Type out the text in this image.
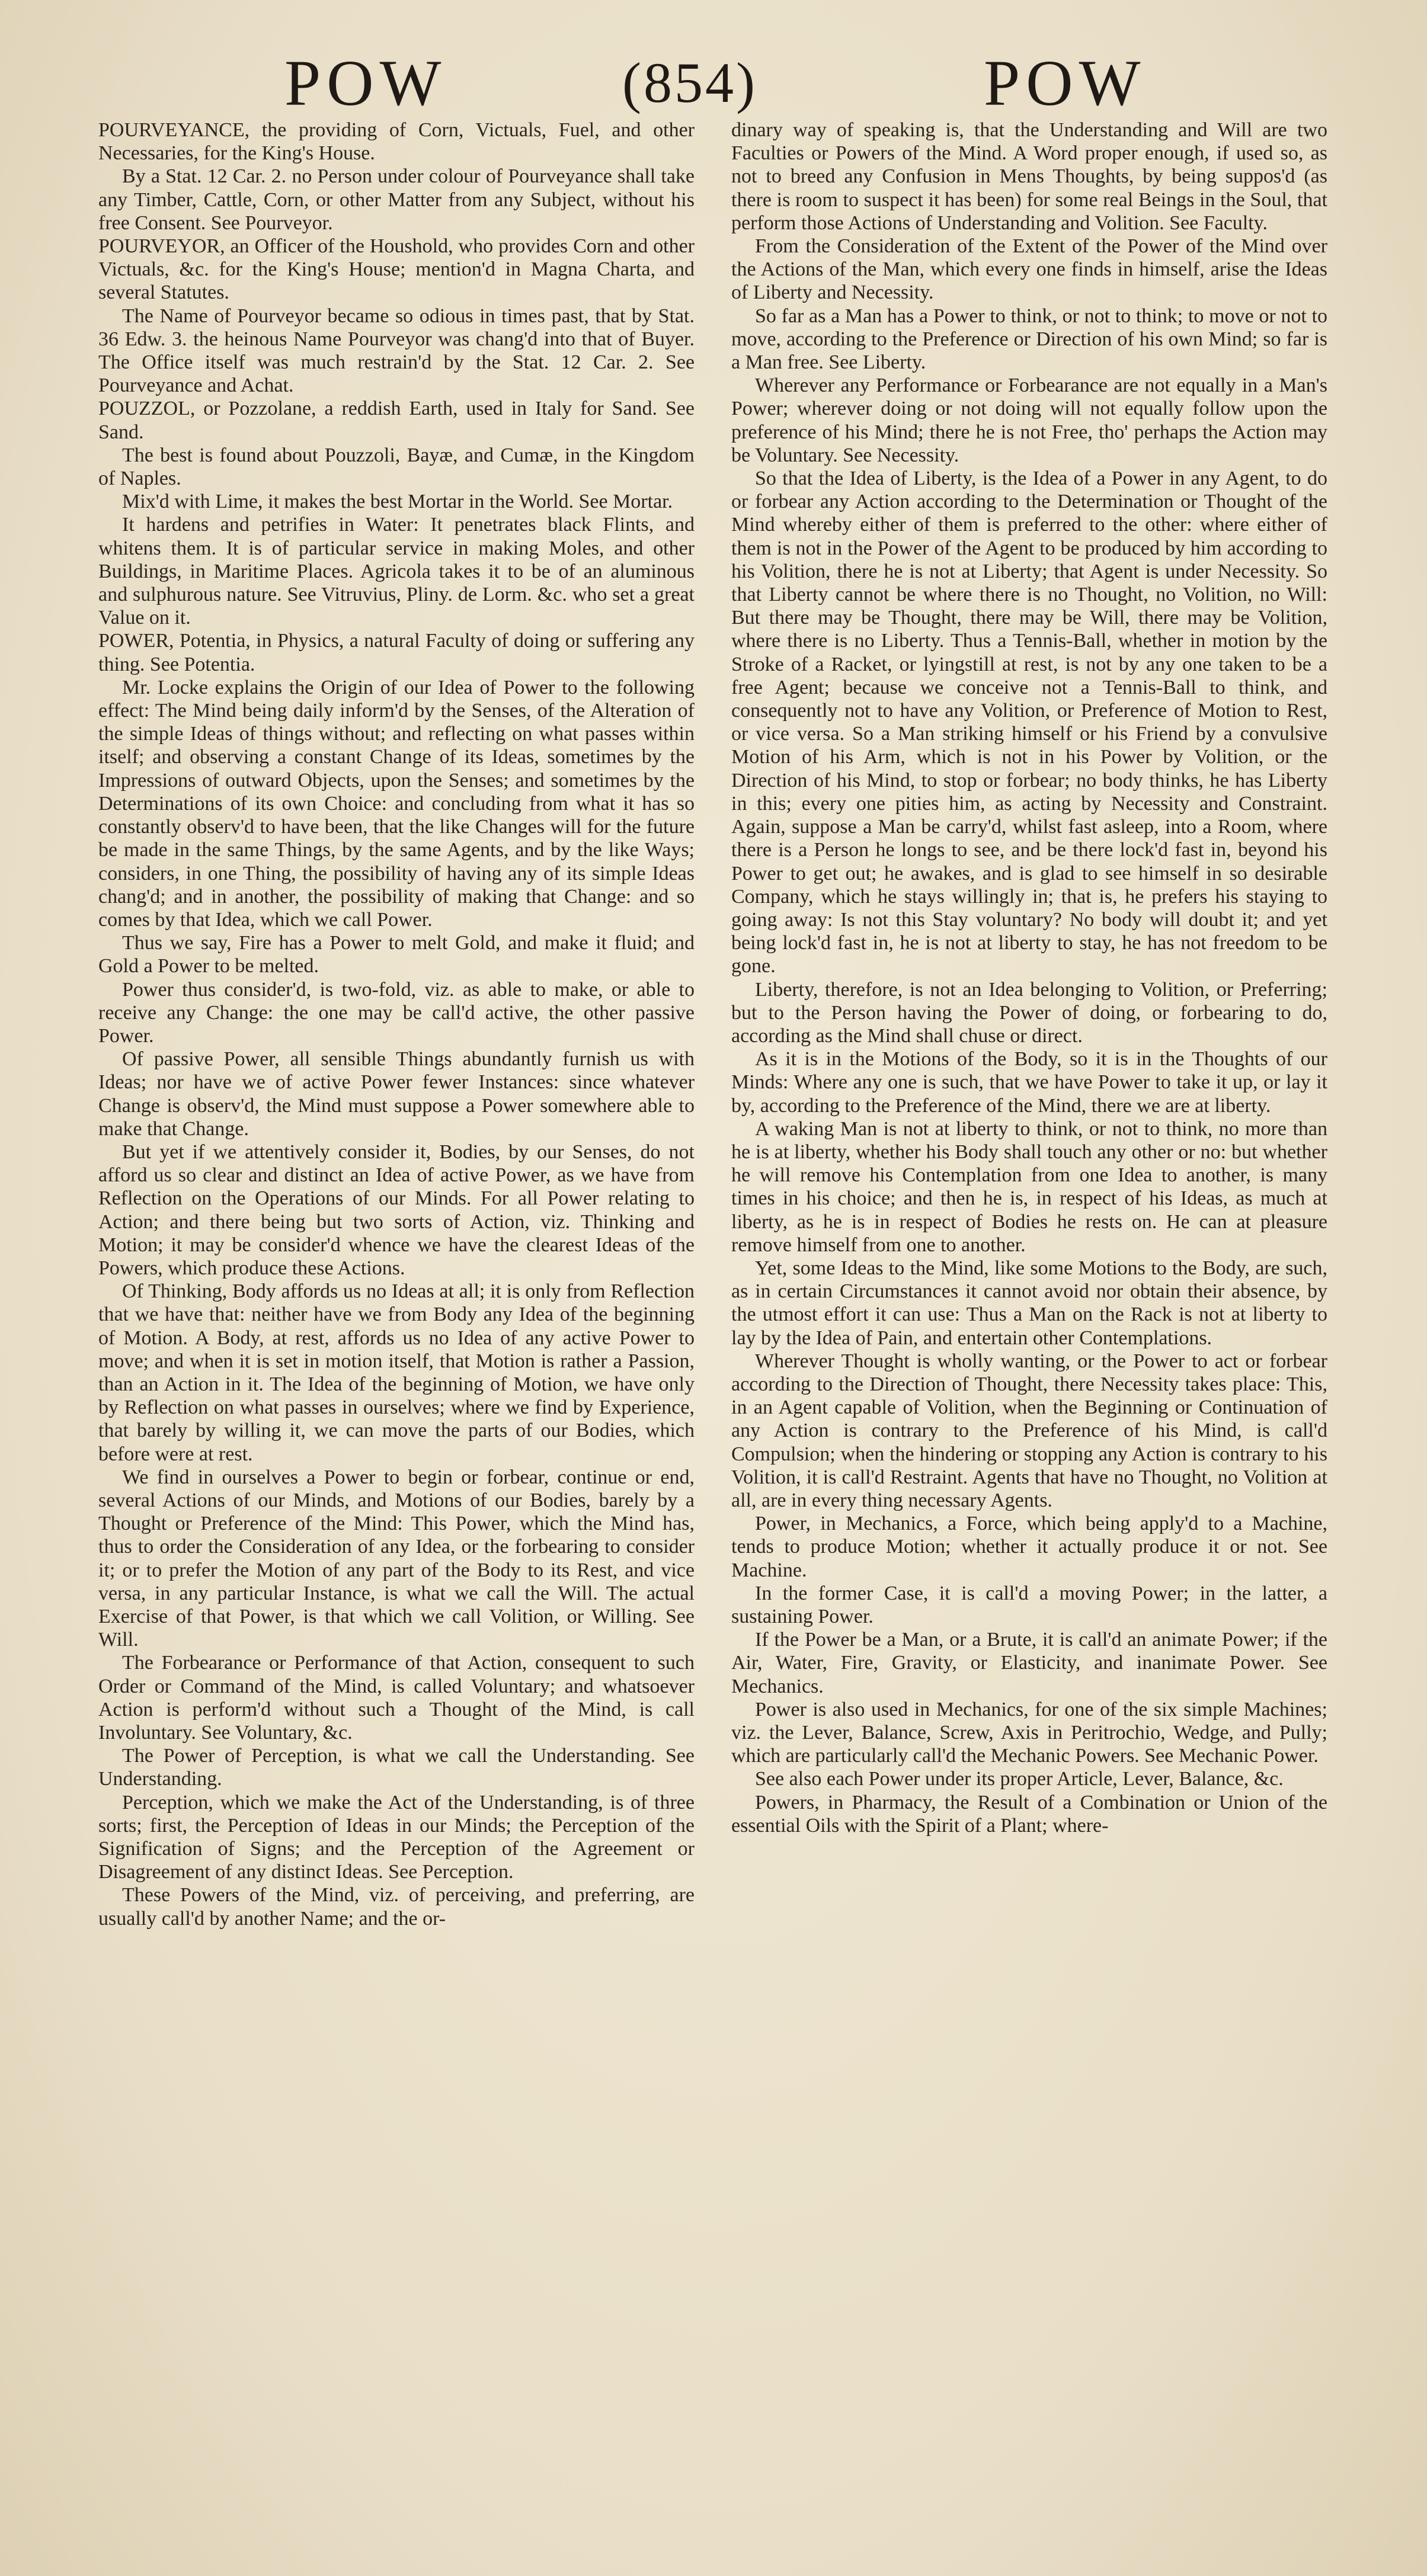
POW	(854)	POW

POURVEYANCE, the providing of Corn, Victuals, Fuel, and other Necessaries, for the King's House.

By a Stat. 12 Car. 2. no Person under colour of Pourveyance shall take any Timber, Cattle, Corn, or other Matter from any Subject, without his free Consent. See Pourveyor.

POURVEYOR, an Officer of the Houshold, who provides Corn and other Victuals, &c. for the King's House; mention'd in Magna Charta, and several Statutes.

The Name of Pourveyor became so odious in times past, that by Stat. 36 Edw. 3. the heinous Name Pourveyor was chang'd into that of Buyer. The Office itself was much restrain'd by the Stat. 12 Car. 2. See Pourveyance and Achat.

POUZZOL, or Pozzolane, a reddish Earth, used in Italy for Sand. See Sand.

The best is found about Pouzzoli, Bayæ, and Cumæ, in the Kingdom of Naples.

Mix'd with Lime, it makes the best Mortar in the World. See Mortar.

It hardens and petrifies in Water: It penetrates black Flints, and whitens them. It is of particular service in making Moles, and other Buildings, in Maritime Places. Agricola takes it to be of an aluminous and sulphurous nature. See Vitruvius, Pliny. de Lorm. &c. who set a great Value on it.

POWER, Potentia, in Physics, a natural Faculty of doing or suffering any thing. See Potentia.

Mr. Locke explains the Origin of our Idea of Power to the following effect: The Mind being daily inform'd by the Senses, of the Alteration of the simple Ideas of things without; and reflecting on what passes within itself; and observing a constant Change of its Ideas, sometimes by the Impressions of outward Objects, upon the Senses; and sometimes by the Determinations of its own Choice: and concluding from what it has so constantly observ'd to have been, that the like Changes will for the future be made in the same Things, by the same Agents, and by the like Ways; considers, in one Thing, the possibility of having any of its simple Ideas chang'd; and in another, the possibility of making that Change: and so comes by that Idea, which we call Power.

Thus we say, Fire has a Power to melt Gold, and make it fluid; and Gold a Power to be melted.

Power thus consider'd, is two-fold, viz. as able to make, or able to receive any Change: the one may be call'd active, the other passive Power.

Of passive Power, all sensible Things abundantly furnish us with Ideas; nor have we of active Power fewer Instances: since whatever Change is observ'd, the Mind must suppose a Power somewhere able to make that Change.

But yet if we attentively consider it, Bodies, by our Senses, do not afford us so clear and distinct an Idea of active Power, as we have from Reflection on the Operations of our Minds. For all Power relating to Action; and there being but two sorts of Action, viz. Thinking and Motion; it may be consider'd whence we have the clearest Ideas of the Powers, which produce these Actions.

Of Thinking, Body affords us no Ideas at all; it is only from Reflection that we have that: neither have we from Body any Idea of the beginning of Motion. A Body, at rest, affords us no Idea of any active Power to move; and when it is set in motion itself, that Motion is rather a Passion, than an Action in it. The Idea of the beginning of Motion, we have only by Reflection on what passes in ourselves; where we find by Experience, that barely by willing it, we can move the parts of our Bodies, which before were at rest.

We find in ourselves a Power to begin or forbear, continue or end, several Actions of our Minds, and Motions of our Bodies, barely by a Thought or Preference of the Mind: This Power, which the Mind has, thus to order the Consideration of any Idea, or the forbearing to consider it; or to prefer the Motion of any part of the Body to its Rest, and vice versa, in any particular Instance, is what we call the Will. The actual Exercise of that Power, is that which we call Volition, or Willing. See Will.

The Forbearance or Performance of that Action, consequent to such Order or Command of the Mind, is called Voluntary; and whatsoever Action is perform'd without such a Thought of the Mind, is call Involuntary. See Voluntary, &c.

The Power of Perception, is what we call the Understanding. See Understanding.

Perception, which we make the Act of the Understanding, is of three sorts; first, the Perception of Ideas in our Minds; the Perception of the Signification of Signs; and the Perception of the Agreement or Disagreement of any distinct Ideas. See Perception.

These Powers of the Mind, viz. of perceiving, and preferring, are usually call'd by another Name; and the or-

dinary way of speaking is, that the Understanding and Will are two Faculties or Powers of the Mind. A Word proper enough, if used so, as not to breed any Confusion in Mens Thoughts, by being suppos'd (as there is room to suspect it has been) for some real Beings in the Soul, that perform those Actions of Understanding and Volition. See Faculty.

From the Consideration of the Extent of the Power of the Mind over the Actions of the Man, which every one finds in himself, arise the Ideas of Liberty and Necessity.

So far as a Man has a Power to think, or not to think; to move or not to move, according to the Preference or Direction of his own Mind; so far is a Man free. See Liberty.

Wherever any Performance or Forbearance are not equally in a Man's Power; wherever doing or not doing will not equally follow upon the preference of his Mind; there he is not Free, tho' perhaps the Action may be Voluntary. See Necessity.

So that the Idea of Liberty, is the Idea of a Power in any Agent, to do or forbear any Action according to the Determination or Thought of the Mind whereby either of them is preferred to the other: where either of them is not in the Power of the Agent to be produced by him according to his Volition, there he is not at Liberty; that Agent is under Necessity. So that Liberty cannot be where there is no Thought, no Volition, no Will: But there may be Thought, there may be Will, there may be Volition, where there is no Liberty. Thus a Tennis-Ball, whether in motion by the Stroke of a Racket, or lyingstill at rest, is not by any one taken to be a free Agent; because we conceive not a Tennis-Ball to think, and consequently not to have any Volition, or Preference of Motion to Rest, or vice versa. So a Man striking himself or his Friend by a convulsive Motion of his Arm, which is not in his Power by Volition, or the Direction of his Mind, to stop or forbear; no body thinks, he has Liberty in this; every one pities him, as acting by Necessity and Constraint. Again, suppose a Man be carry'd, whilst fast asleep, into a Room, where there is a Person he longs to see, and be there lock'd fast in, beyond his Power to get out; he awakes, and is glad to see himself in so desirable Company, which he stays willingly in; that is, he prefers his staying to going away: Is not this Stay voluntary? No body will doubt it; and yet being lock'd fast in, he is not at liberty to stay, he has not freedom to be gone.

Liberty, therefore, is not an Idea belonging to Volition, or Preferring; but to the Person having the Power of doing, or forbearing to do, according as the Mind shall chuse or direct.

As it is in the Motions of the Body, so it is in the Thoughts of our Minds: Where any one is such, that we have Power to take it up, or lay it by, according to the Preference of the Mind, there we are at liberty.

A waking Man is not at liberty to think, or not to think, no more than he is at liberty, whether his Body shall touch any other or no: but whether he will remove his Contemplation from one Idea to another, is many times in his choice; and then he is, in respect of his Ideas, as much at liberty, as he is in respect of Bodies he rests on. He can at pleasure remove himself from one to another.

Yet, some Ideas to the Mind, like some Motions to the Body, are such, as in certain Circumstances it cannot avoid nor obtain their absence, by the utmost effort it can use: Thus a Man on the Rack is not at liberty to lay by the Idea of Pain, and entertain other Contemplations.

Wherever Thought is wholly wanting, or the Power to act or forbear according to the Direction of Thought, there Necessity takes place: This, in an Agent capable of Volition, when the Beginning or Continuation of any Action is contrary to the Preference of his Mind, is call'd Compulsion; when the hindering or stopping any Action is contrary to his Volition, it is call'd Restraint. Agents that have no Thought, no Volition at all, are in every thing necessary Agents.

Power, in Mechanics, a Force, which being apply'd to a Machine, tends to produce Motion; whether it actually produce it or not. See Machine.

In the former Case, it is call'd a moving Power; in the latter, a sustaining Power.

If the Power be a Man, or a Brute, it is call'd an animate Power; if the Air, Water, Fire, Gravity, or Elasticity, and inanimate Power. See Mechanics.

Power is also used in Mechanics, for one of the six simple Machines; viz. the Lever, Balance, Screw, Axis in Peritrochio, Wedge, and Pully; which are particularly call'd the Mechanic Powers. See Mechanic Power.

See also each Power under its proper Article, Lever, Balance, &c.

Powers, in Pharmacy, the Result of a Combination or Union of the essential Oils with the Spirit of a Plant; where-
